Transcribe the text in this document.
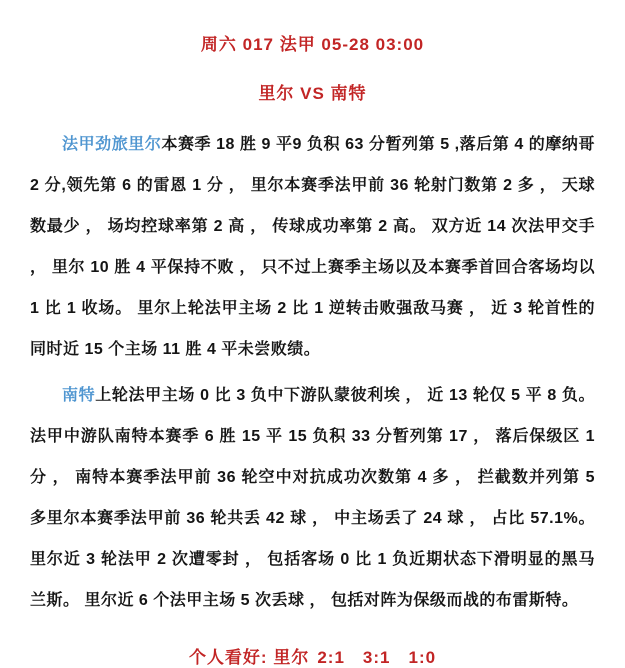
周六 017 法甲 05-28 03:00
里尔 VS 南特

法甲劲旅里尔本赛季 18 胜 9 平9 负积 63 分暂列第 5 ,落后第 4 的摩纳哥 2 分,领先第 6 的雷恩 1 分 ， 里尔本赛季法甲前 36 轮射门数第 2 多 ， 天球数最少 ， 场均控球率第 2 高 ， 传球成功率第 2 高。 双方近 14 次法甲交手 ， 里尔 10 胜 4 平保持不败 ， 只不过上赛季主场以及本赛季首回合客场均以 1 比 1 收场。 里尔上轮法甲主场 2 比 1 逆转击败强敌马赛 ， 近 3 轮首性的同时近 15 个主场 11 胜 4 平未尝败绩。

南特上轮法甲主场 0 比 3 负中下游队蒙彼利埃 ， 近 13 轮仅 5 平 8 负。 法甲中游队南特本赛季 6 胜 15 平 15 负积 33 分暂列第 17 ， 落后保级区 1 分 ， 南特本赛季法甲前 36 轮空中对抗成功次数第 4 多 ， 拦截数并列第 5 多里尔本赛季法甲前 36 轮共丢 42 球 ， 中主场丢了 24 球 ， 占比 57.1%。 里尔近 3 轮法甲 2 次遭零封 ， 包括客场 0 比 1 负近期状态下滑明显的黑马兰斯。 里尔近 6 个法甲主场 5 次丢球 ， 包括对阵为保级而战的布雷斯特。

个人看好: 里尔 2:1 3:1 1:0
